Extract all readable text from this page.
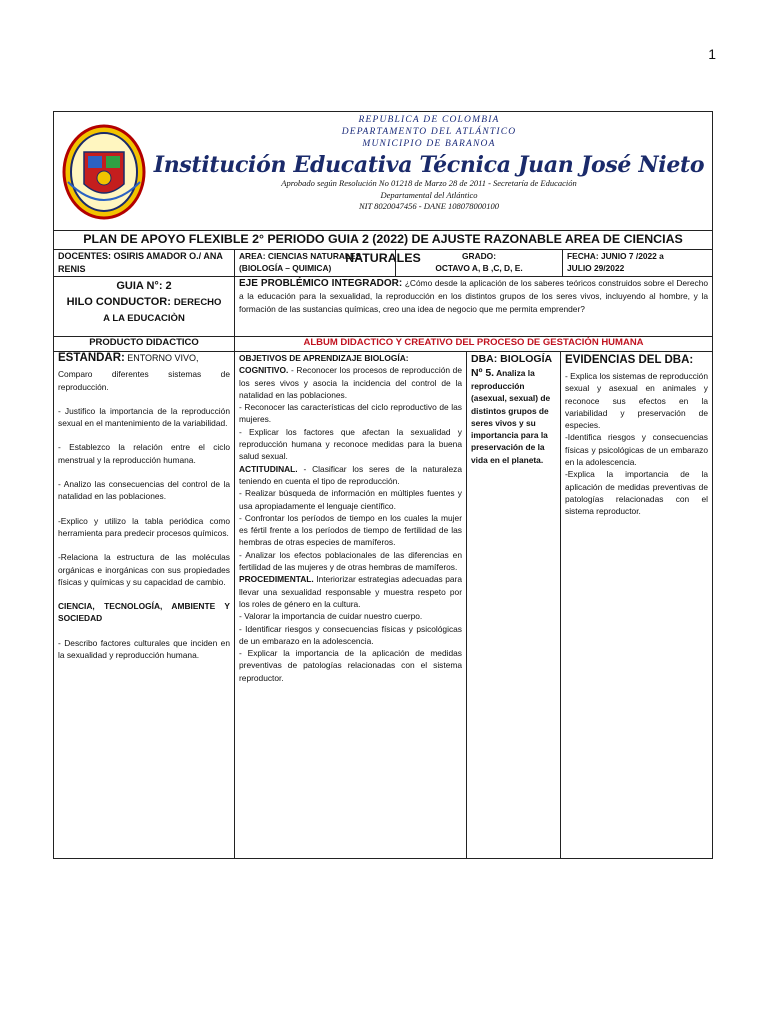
1
REPUBLICA DE COLOMBIA
DEPARTAMENTO DEL ATLÁNTICO
MUNICIPIO DE BARANOA
Institución Educativa Técnica Juan José Nieto
Aprobado según Resolución No 01218 de Marzo 28 de 2011 - Secretaría de Educación
Departamental del Atlántico
NIT 8020047456 - DANE 108078000100
PLAN DE APOYO FLEXIBLE 2° PERIODO GUIA 2 (2022) DE AJUSTE RAZONABLE AREA DE CIENCIAS NATURALES
DOCENTES: OSIRIS AMADOR O./ ANA RENIS
AREA: CIENCIAS NATURALES
(BIOLOGÍA – QUIMICA)
GRADO:
OCTAVO A, B ,C, D, E.
FECHA: JUNIO 7 /2022 a
JULIO 29/2022
GUIA N°: 2
HILO CONDUCTOR: DERECHO
A LA EDUCACIÒN
EJE PROBLÉMICO INTEGRADOR: ¿Cómo desde la aplicación de los saberes teóricos construidos sobre el Derecho a la educación para la sexualidad, la reproducción en los distintos grupos de los seres vivos, incluyendo al hombre, y la formación de las sustancias químicas, creo una idea de negocio que me permita emprender?
PRODUCTO DIDACTICO	ALBUM DIDACTICO Y CREATIVO DEL PROCESO DE GESTACIÒN HUMANA
ESTANDAR: ENTORNO VIVO,
Comparo diferentes sistemas de reproducción.
- Justifico la importancia de la reproducción sexual en el mantenimiento de la variabilidad.
- Establezco la relación entre el ciclo menstrual y la reproducción humana.
- Analizo las consecuencias del control de la natalidad en las poblaciones.
-Explico y utilizo la tabla periódica como herramienta para predecir procesos químicos.
-Relaciona la estructura de las moléculas orgánicas e inorgánicas con sus propiedades físicas y químicas y su capacidad de cambio.
CIENCIA, TECNOLOGÍA, AMBIENTE Y SOCIEDAD
- Describo factores culturales que inciden en la sexualidad y reproducción humana.
OBJETIVOS DE APRENDIZAJE BIOLOGÍA:
COGNITIVO. - Reconocer los procesos de reproducción de los seres vivos y asocia la incidencia del control de la natalidad en las poblaciones.
- Reconocer las características del ciclo reproductivo de las mujeres.
- Explicar los factores que afectan la sexualidad y reproducción humana y reconoce medidas para la buena salud sexual.
ACTITUDINAL. - Clasificar los seres de la naturaleza teniendo en cuenta el tipo de reproducción.
- Realizar búsqueda de información en múltiples fuentes y usa apropiadamente el lenguaje científico.
- Confrontar los períodos de tiempo en los cuales la mujer es fértil frente a los períodos de tiempo de fertilidad de las hembras de otras especies de mamíferos.
- Analizar los efectos poblacionales de las diferencias en fertilidad de las mujeres y de otras hembras de mamíferos.
PROCEDIMENTAL. Interiorizar estrategias adecuadas para llevar una sexualidad responsable y muestra respeto por los roles de género en la cultura.
- Valorar la importancia de cuidar nuestro cuerpo.
- Identificar riesgos y consecuencias físicas y psicológicas de un embarazo en la adolescencia.
- Explicar la importancia de la aplicación de medidas preventivas de patologías relacionadas con el sistema reproductor.
DBA: BIOLOGÍA Nº 5. Analiza la reproducción (asexual, sexual) de distintos grupos de seres vivos y su importancia para la preservación de la vida en el planeta.
EVIDENCIAS DEL DBA:
- Explica los sistemas de reproducción sexual y asexual en animales y reconoce sus efectos en la variabilidad y preservación de especies.
-Identifica riesgos y consecuencias físicas y psicológicas de un embarazo en la adolescencia.
-Explica la importancia de la aplicación de medidas preventivas de patologías relacionadas con el sistema reproductor.
